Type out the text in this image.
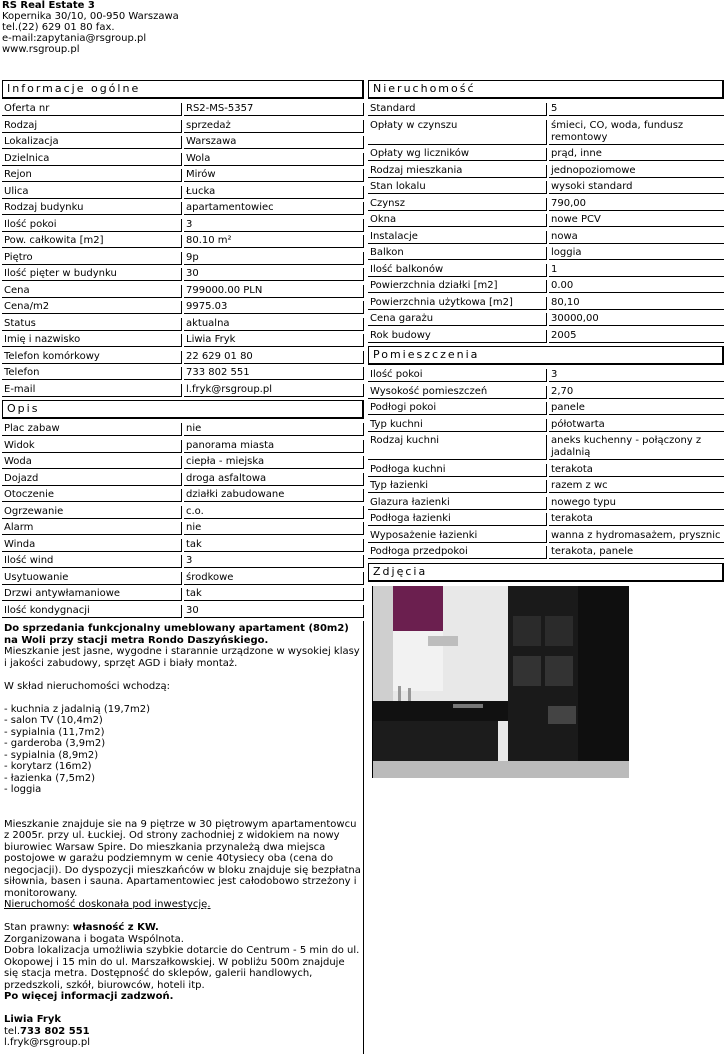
RS Real Estate 3
Kopernika 30/10, 00-950 Warszawa
tel.(22) 629 01 80 fax.
e-mail:zapytania@rsgroup.pl
www.rsgroup.pl
Informacje ogólne
Oferta nr	RS2-MS-5357
Rodzaj	sprzedaż
Lokalizacja	Warszawa
Dzielnica	Wola
Rejon	Mirów
Ulica	Łucka
Rodzaj budynku	apartamentowiec
Ilość pokoi	3
Pow. całkowita [m2]	80.10 m²
Piętro	9p
Ilość pięter w budynku	30
Cena	799000.00 PLN
Cena/m2	9975.03
Status	aktualna
Imię i nazwisko	Liwia Fryk
Telefon komórkowy	22 629 01 80
Telefon	733 802 551
E-mail	l.fryk@rsgroup.pl
Opis
Plac zabaw	nie
Widok	panorama miasta
Woda	ciepła - miejska
Dojazd	droga asfaltowa
Otoczenie	działki zabudowane
Ogrzewanie	c.o.
Alarm	nie
Winda	tak
Ilość wind	3
Usytuowanie	środkowe
Drzwi antywłamaniowe	tak
Ilość kondygnacji	30

Do sprzedania funkcjonalny umeblowany apartament (80m2) na Woli przy stacji metra Rondo Daszyńskiego.

Mieszkanie jest jasne, wygodne i starannie urządzone w wysokiej klasy i jakości zabudowy, sprzęt AGD i biały montaż.

W skład nieruchomości wchodzą:

- kuchnia z jadalnią (19,7m2)
- salon TV (10,4m2)
- sypialnia (11,7m2)
- garderoba (3,9m2)
- sypialnia (8,9m2)
- korytarz (16m2)
- łazienka (7,5m2)
- loggia

Mieszkanie znajduje sie na 9 piętrze w 30 piętrowym apartamentowcu z 2005r. przy ul. Łuckiej. Od strony zachodniej z widokiem na nowy biurowiec Warsaw Spire. Do mieszkania przynależą dwa miejsca postojowe w garażu podziemnym w cenie 40tysiecy oba (cena do negocjacji). Do dyspozycji mieszkańców w bloku znajduje się bezpłatna siłownia, basen i sauna. Apartamentowiec jest całodobowo strzeżony i monitorowany.

Nieruchomość doskonała pod inwestycję.

Stan prawny: własność z KW.

Zorganizowana i bogata Wspólnota.
Dobra lokalizacja umożliwia szybkie dotarcie do Centrum - 5 min do ul. Okopowej i 15 min do ul. Marszałkowskiej. W pobliżu 500m znajduje się stacja metra. Dostępność do sklepów, galerii handlowych, przedszkoli, szkół, biurowców, hoteli itp.

Po więcej informacji zadzwoń.

Liwia Fryk

tel.733 802 551

l.fryk@rsgroup.pl

Nieruchomość
Standard	5
Opłaty w czynszu	śmieci, CO, woda, fundusz remontowy
Opłaty wg liczników	prąd, inne
Rodzaj mieszkania	jednopoziomowe
Stan lokalu	wysoki standard
Czynsz	790,00
Okna	nowe PCV
Instalacje	nowa
Balkon	loggia
Ilość balkonów	1
Powierzchnia działki [m2]	0.00
Powierzchnia użytkowa [m2]	80,10
Cena garażu	30000,00
Rok budowy	2005
Pomieszczenia
Ilość pokoi	3
Wysokość pomieszczeń	2,70
Podłogi pokoi	panele
Typ kuchni	półotwarta
Rodzaj kuchni	aneks kuchenny - połączony z jadalnią
Podłoga kuchni	terakota
Typ łazienki	razem z wc
Glazura łazienki	nowego typu
Podłoga łazienki	terakota
Wyposażenie łazienki	wanna z hydromasażem, prysznic
Podłoga przedpokoi	terakota, panele
Zdjęcia
